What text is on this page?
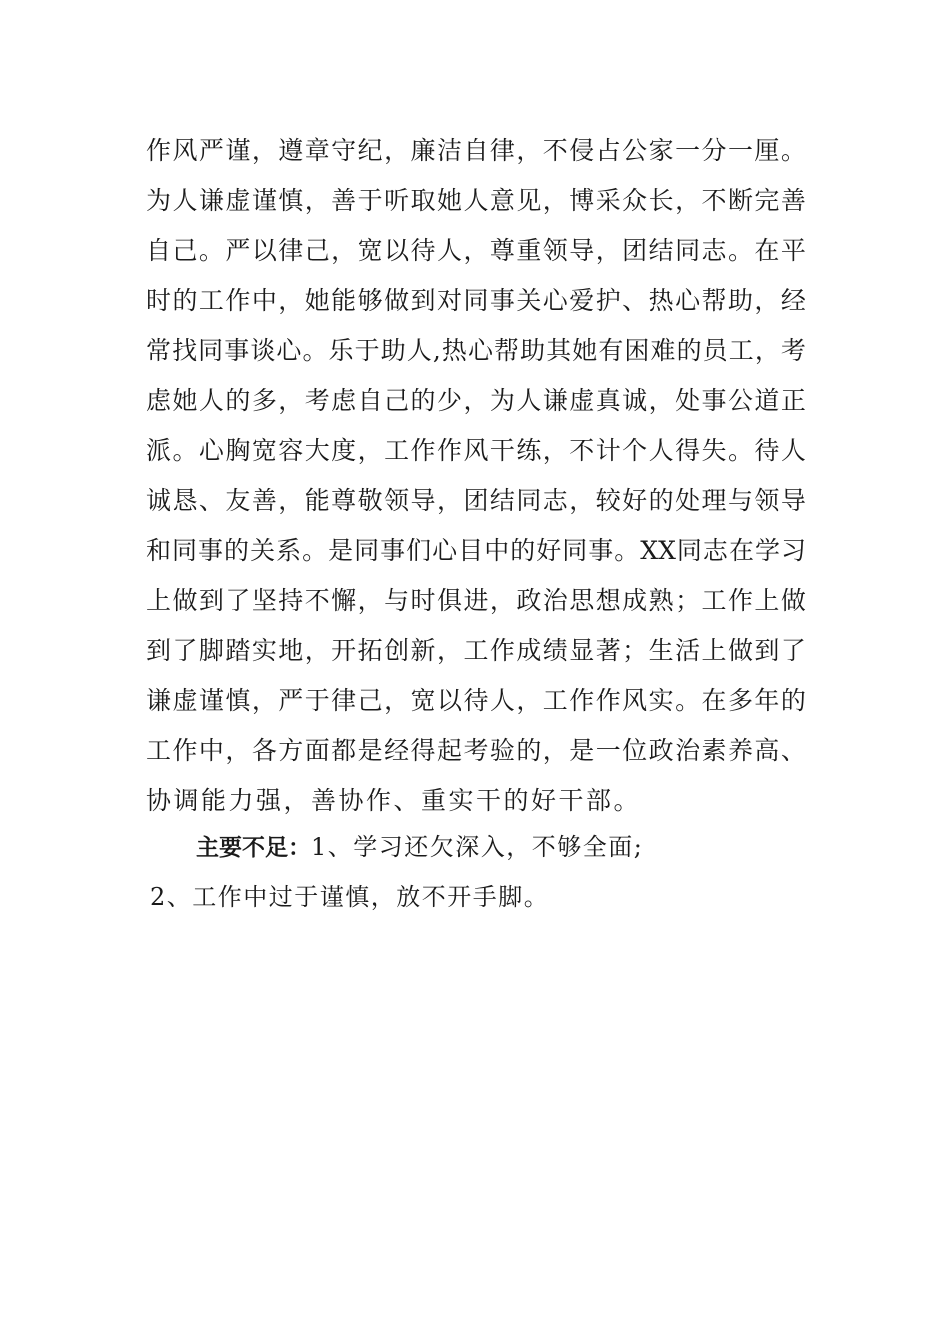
作 风 严 谨 ， 遵 章 守 纪 ， 廉 洁 自 律 ， 不 侵 占 公 家 一 分 一 厘 。
为 人 谦 虚 谨 慎 ， 善 于 听 取 她 人 意 见 ， 博 采 众 长 ， 不 断 完 善
自 己 。 严 以 律 己 ， 宽 以 待 人 ， 尊 重 领 导 ， 团 结 同 志 。 在 平
时 的 工 作 中 ， 她 能 够 做 到 对 同 事 关 心 爱 护 、 热 心 帮 助 ， 经
常 找 同 事 谈 心 。 乐 于 助 人 , 热 心 帮 助 其 她 有 困 难 的 员 工 ， 考
虑 她 人 的 多 ， 考 虑 自 己 的 少 ， 为 人 谦 虚 真 诚 ， 处 事 公 道 正
派 。 心 胸 宽 容 大 度 ， 工 作 作 风 干 练 ， 不 计 个 人 得 失 。 待 人
诚 恳 、 友 善 ， 能 尊 敬 领 导 ， 团 结 同 志 ， 较 好 的 处 理 与 领 导
和 同 事 的 关 系 。 是 同 事 们 心 目 中 的 好 同 事 。 XX 同 志 在 学 习
上 做 到 了 坚 持 不 懈 ， 与 时 俱 进 ， 政 治 思 想 成 熟 ； 工 作 上 做
到 了 脚 踏 实 地 ， 开 拓 创 新 ， 工 作 成 绩 显 著 ； 生 活 上 做 到 了
谦 虚 谨 慎 ， 严 于 律 己 ， 宽 以 待 人 ， 工 作 作 风 实 。 在 多 年 的
工 作 中 ， 各 方 面 都 是 经 得 起 考 验 的 ， 是 一 位 政 治 素 养 高 、
协调能力强，善协作、重实干的好干部。
主要不足：1、学习还欠深入，不够全面;
2、工作中过于谨慎，放不开手脚。
